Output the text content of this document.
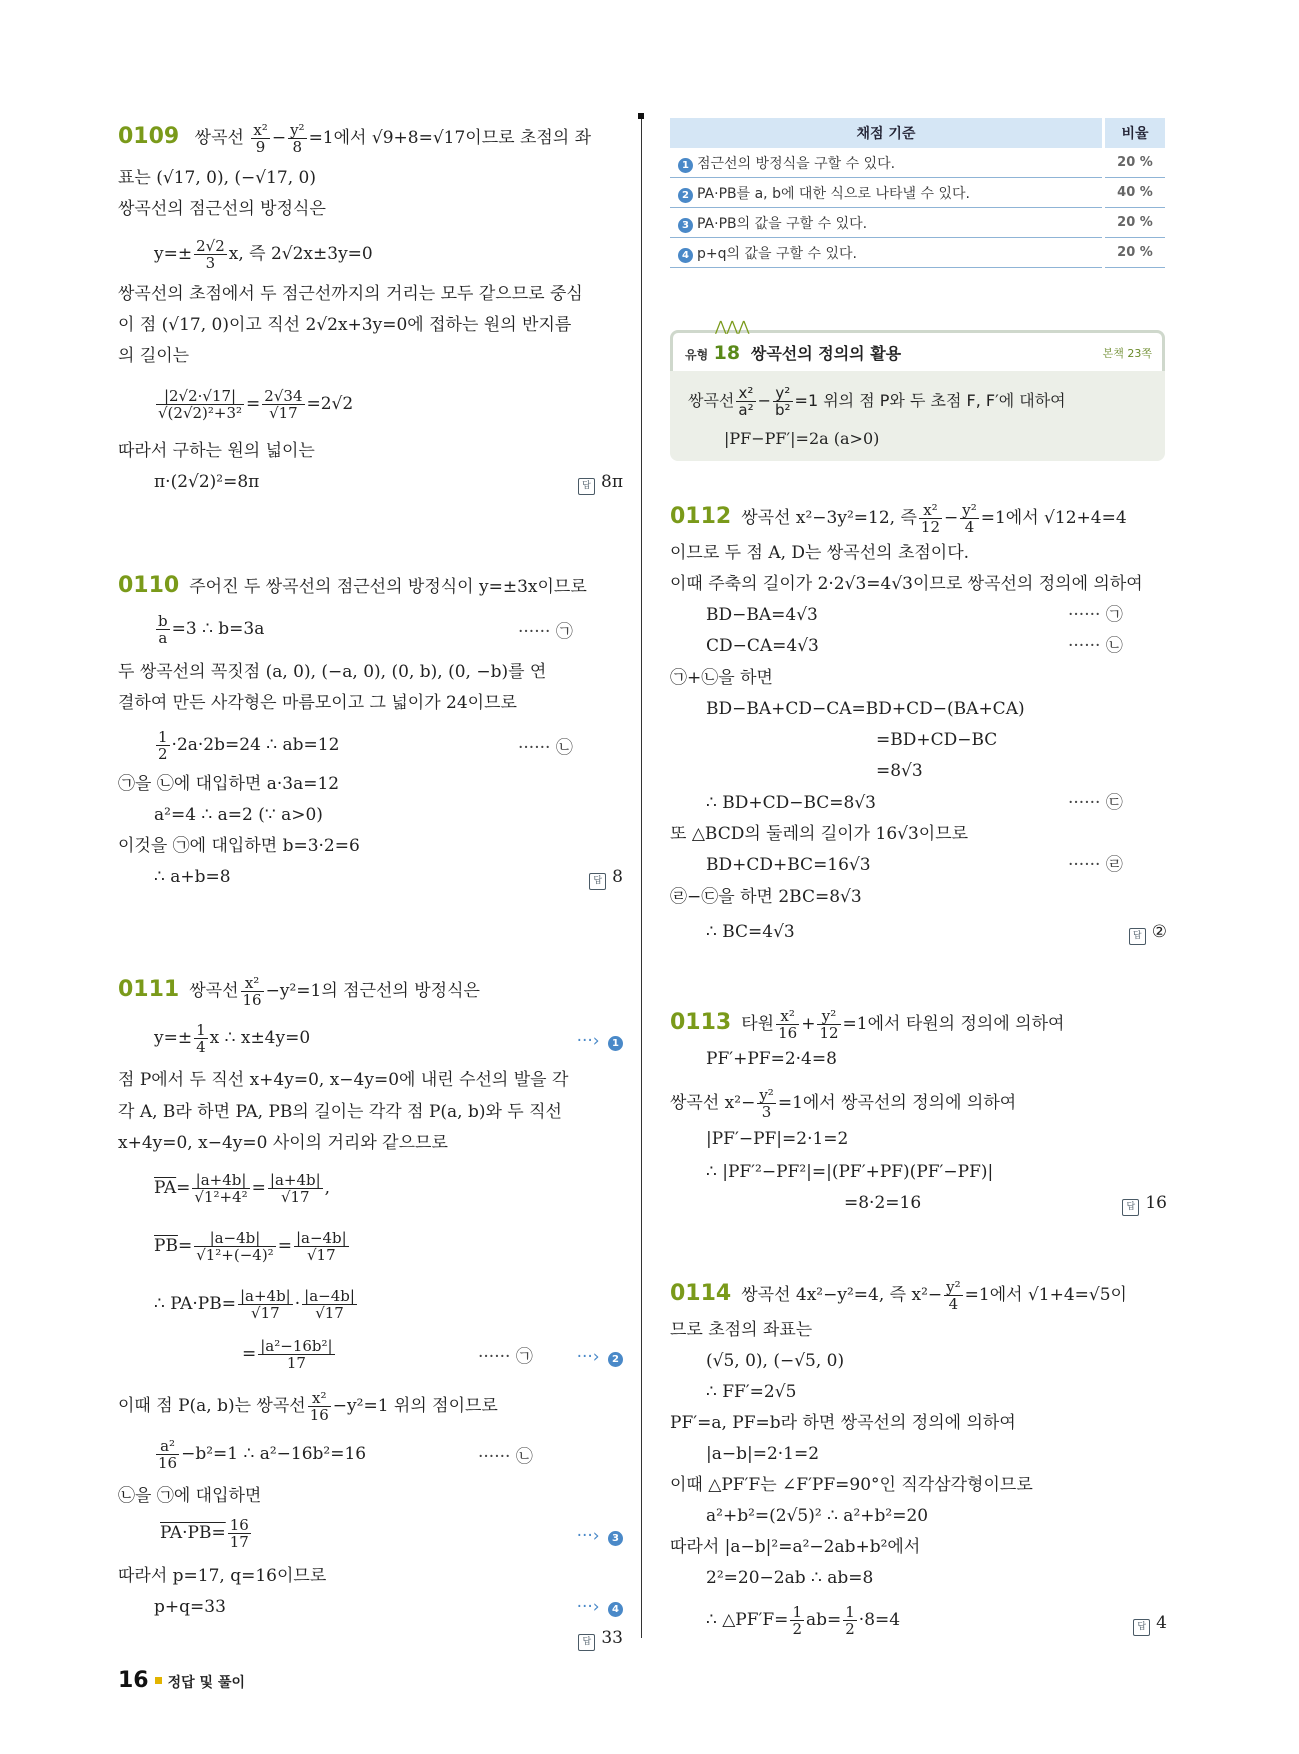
0109 쌍곡선 $\frac{\text{x²}}{9} - \frac{\text{y²}}{8} =1$에서 √9+8=√17이므로 초점의 좌
표는 (√17, 0), (−√17, 0)
쌍곡선의 점근선의 방정식은
$y=\pm \frac{2√2}{3} x$, 즉 2√2x±3y=0
쌍곡선의 초점에서 두 점근선까지의 거리는 모두 같으므로 중심
이 점 (√17, 0)이고 직선 2√2x+3y=0에 접하는 원의 반지름
의 길이는
$\frac{|2√2\cdot√17|}{\text{√(2√2)²+3²}} = \frac{2√34}{√17} =2√2$
따라서 구하는 원의 넓이는
π·(2√2)²=8π	답 8π
0110 주어진 두 쌍곡선의 점근선의 방정식이 y=±3x이므로
$\frac{b}{a} =3$ ∴ b=3a	······ ㉠
두 쌍곡선의 꼭짓점 (a, 0), (−a, 0), (0, b), (0, −b)를 연
결하여 만든 사각형은 마름모이고 그 넓이가 24이므로
$\frac{1}{2} \cdot 2a\cdot 2b=24$ ∴ ab=12	······ ㉡
㉠을 ㉡에 대입하면 a·3a=12
a²=4 ∴ a=2 (∵ a>0)
이것을 ㉠에 대입하면 b=3·2=6
∴ a+b=8	답 8
0111 쌍곡선 $\frac{\text{x²}}{16} -y^2=1$의 점근선의 방정식은
$y=\pm \frac{1}{4}$ x ∴ x±4y=0	···› 1
점 P에서 두 직선 x+4y=0, x−4y=0에 내린 수선의 발을 각
각 A, B라 하면 PA, PB의 길이는 각각 점 P(a, b)와 두 직선
x+4y=0, x−4y=0 사이의 거리와 같으므로
$\overline{PA}= \frac{|a+4b|}{\text{√1²+4²}} = \frac{|a+4b|}{√17}$ ,
$\overline{PB}= \frac{|a-4b|}{\text{√1²+(−4)²}} = \frac{|a-4b|}{√17}$
∴ $PA\cdot PB= \frac{|a+4b|}{√17} \cdot \frac{|a-4b|}{√17}$
= $\frac{\text{|a²−16b²|}}{17}$	······ ㉠	···› 2
이때 점 P(a, b)는 쌍곡선 $\frac{\text{x²}}{16} -y^2=1$ 위의 점이므로
$\frac{\text{a²}}{16} -b^2=1$ ∴ a²−16b²=16	······ ㉡
㉡을 ㉠에 대입하면
$PA\cdot PB= \frac{16}{17}$	···› 3
따라서 p=17, q=16이므로
p+q=33	···› 4
답 33
채점 기준	비율
1 점근선의 방정식을 구할 수 있다.	20 %
2 PA·PB를 a, b에 대한 식으로 나타낼 수 있다.	40 %
3 PA·PB의 값을 구할 수 있다.	20 %
4 p+q의 값을 구할 수 있다.	20 %
⋀⋀⋀
유형 18 쌍곡선의 정의의 활용	본책 23쪽
쌍곡선 $\frac{\text{x²}}{\text{a²}} - \frac{\text{y²}}{\text{b²}} =1$ 위의 점 P와 두 초점 F, F′에 대하여
|PF−PF′|=2a (a>0)
0112 쌍곡선 x²−3y²=12, 즉 $\frac{\text{x²}}{12} - \frac{\text{y²}}{4} =1$에서 √12+4=4
이므로 두 점 A, D는 쌍곡선의 초점이다.
이때 주축의 길이가 2·2√3=4√3이므로 쌍곡선의 정의에 의하여
BD−BA=4√3	······ ㉠
CD−CA=4√3	······ ㉡
㉠+㉡을 하면
BD−BA+CD−CA=BD+CD−(BA+CA)
=BD+CD−BC
=8√3
∴ BD+CD−BC=8√3	······ ㉢
또 △BCD의 둘레의 길이가 16√3이므로
BD+CD+BC=16√3	······ ㉣
㉣−㉢을 하면 2BC=8√3
∴ BC=4√3	답 ②
0113 타원 $\frac{\text{x²}}{16} + \frac{\text{y²}}{12} =1$에서 타원의 정의에 의하여
PF′+PF=2·4=8
쌍곡선 $x^2- \frac{\text{y²}}{3} =1$에서 쌍곡선의 정의에 의하여
|PF′−PF|=2·1=2
∴ |PF′²−PF²|=|(PF′+PF)(PF′−PF)|
=8·2=16	답 16
0114 쌍곡선 4x²−y²=4, 즉 $x^2- \frac{\text{y²}}{4} =1$에서 √1+4=√5이
므로 초점의 좌표는
(√5, 0), (−√5, 0)
∴ FF′=2√5
PF′=a, PF=b라 하면 쌍곡선의 정의에 의하여
|a−b|=2·1=2
이때 △PF′F는 ∠F′PF=90°인 직각삼각형이므로
a²+b²=(2√5)² ∴ a²+b²=20
따라서 |a−b|²=a²−2ab+b²에서
2²=20−2ab ∴ ab=8
∴ △PF′F= $\frac{1}{2} ab= \frac{1}{2} \cdot 8=4$	답 4
16 정답 및 풀이
